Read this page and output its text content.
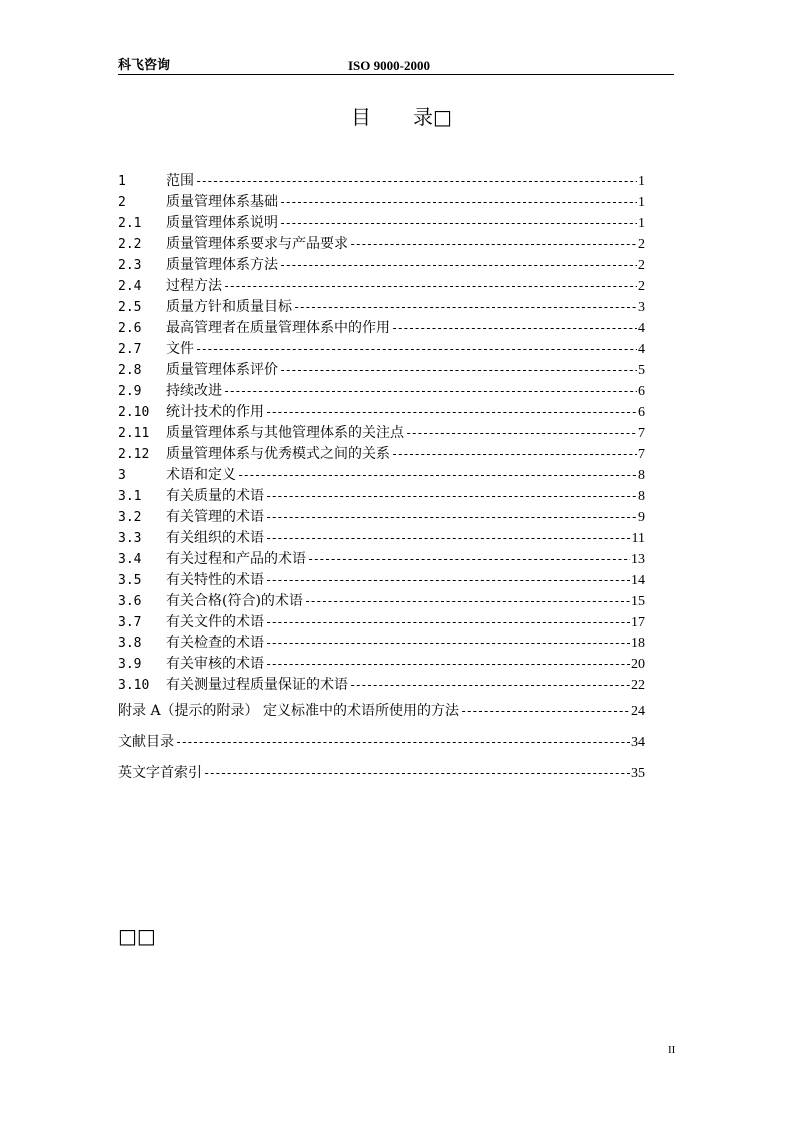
科飞咨询	ISO 9000-2000
目 录□
1	范围 -----	1
2	质量管理体系基础 -----	1
2.1	质量管理体系说明 -----	1
2.2	质量管理体系要求与产品要求 -----	2
2.3	质量管理体系方法 -----	2
2.4	过程方法 -----	2
2.5	质量方针和质量目标 -----	3
2.6	最高管理者在质量管理体系中的作用 -----	4
2.7	文件 -----	4
2.8	质量管理体系评价 -----	5
2.9	持续改进 -----	6
2.10	统计技术的作用 -----	6
2.11	质量管理体系与其他管理体系的关注点 -----	7
2.12	质量管理体系与优秀模式之间的关系 -----	7
3	术语和定义 -----	8
3.1	有关质量的术语 -----	8
3.2	有关管理的术语 -----	9
3.3	有关组织的术语 -----	11
3.4	有关过程和产品的术语 -----	13
3.5	有关特性的术语 -----	14
3.6	有关合格(符合)的术语 -----	15
3.7	有关文件的术语 -----	17
3.8	有关检查的术语 -----	18
3.9	有关审核的术语 -----	20
3.10	有关测量过程质量保证的术语 -----	22
附录 A（提示的附录） 定义标准中的术语所使用的方法 -----	24
文献目录 -----	34
英文字首索引 -----	35
□□
II
